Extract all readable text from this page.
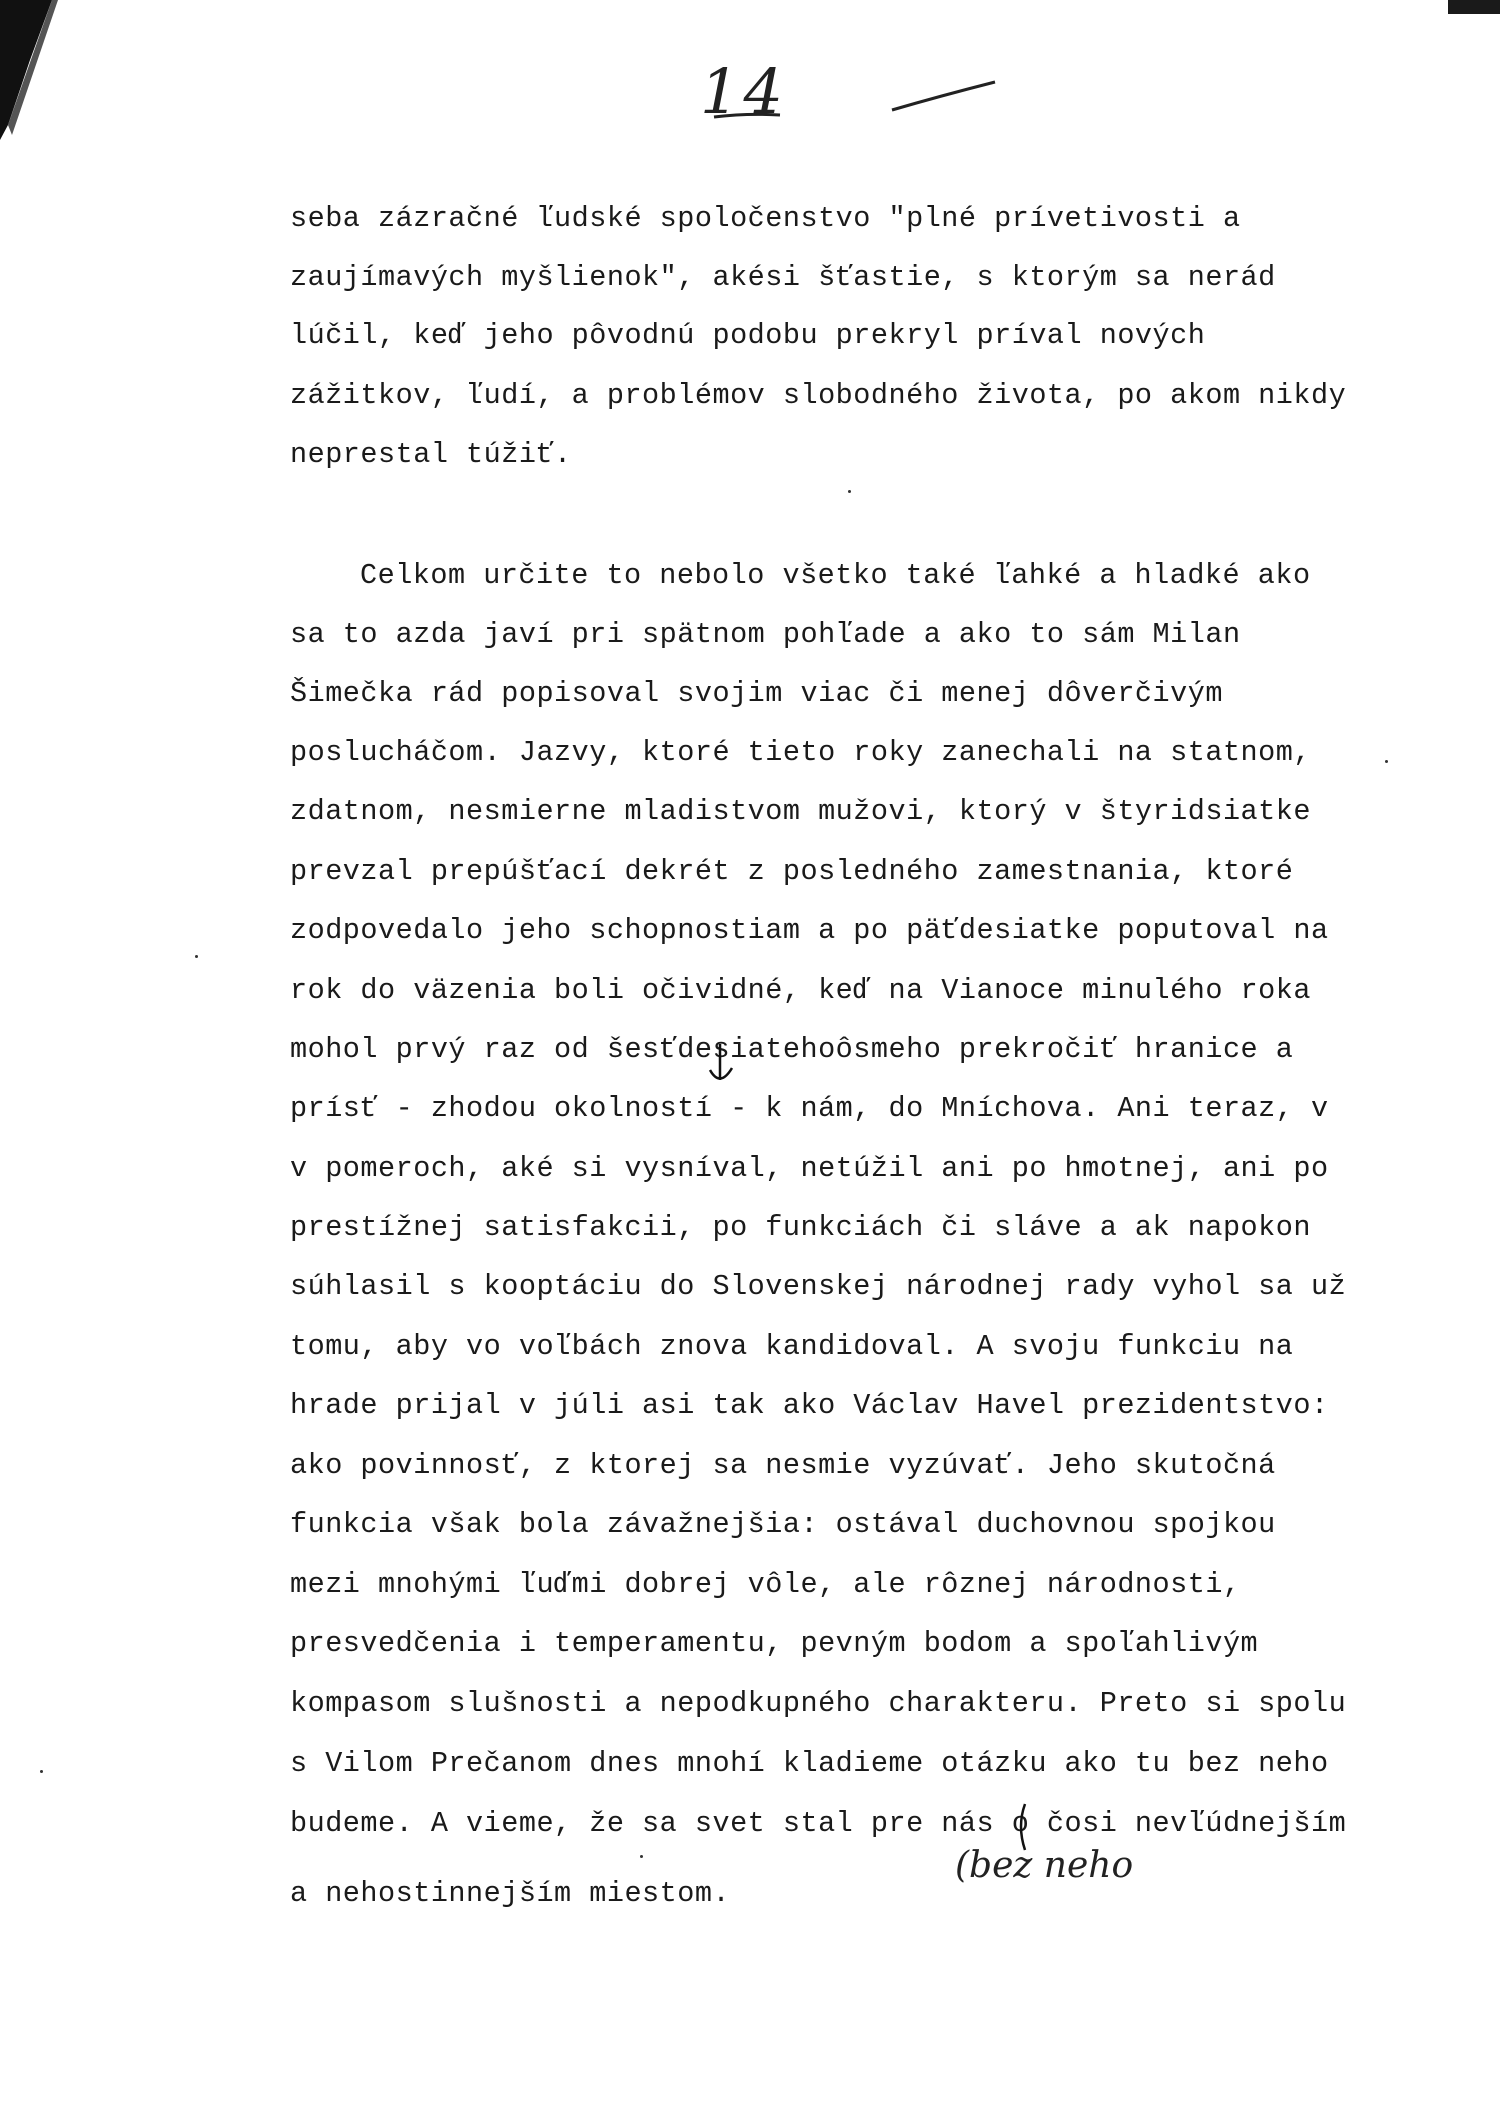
14
seba zázračné ľudské spoločenstvo "plné prívetivosti a
zaujímavých myšlienok", akési šťastie, s ktorým sa nerád
lúčil, keď jeho pôvodnú podobu prekryl príval nových
zážitkov, ľudí, a problémov slobodného života, po akom nikdy
neprestal túžiť.
Celkom určite to nebolo všetko také ľahké a hladké ako
sa to azda javí pri spätnom pohľade a ako to sám Milan
Šimečka rád popisoval svojim viac či menej dôverčivým
poslucháčom. Jazvy, ktoré tieto roky zanechali na statnom,
zdatnom, nesmierne mladistvom mužovi, ktorý v štyridsiatke
prevzal prepúšťací dekrét z posledného zamestnania, ktoré
zodpovedalo jeho schopnostiam a po päťdesiatke poputoval na
rok do väzenia boli očividné, keď na Vianoce minulého roka
mohol prvý raz od šesťdesiatehoôsmeho prekročiť hranice a
prísť - zhodou okolností - k nám, do Mníchova. Ani teraz, v
v pomeroch, aké si vysníval, netúžil ani po hmotnej, ani po
prestížnej satisfakcii, po funkciách či sláve a ak napokon
súhlasil s kooptáciu do Slovenskej národnej rady vyhol sa už
tomu, aby vo voľbách znova kandidoval. A svoju funkciu na
hrade prijal v júli asi tak ako Václav Havel prezidentstvo:
ako povinnosť, z ktorej sa nesmie vyzúvať. Jeho skutočná
funkcia však bola závažnejšia: ostával duchovnou spojkou
mezi mnohými ľuďmi dobrej vôle, ale rôznej národnosti,
presvedčenia i temperamentu, pevným bodom a spoľahlivým
kompasom slušnosti a nepodkupného charakteru. Preto si spolu
s Vilom Prečanom dnes mnohí kladieme otázku ako tu bez neho
budeme. A vieme, že sa svet stal pre nás o čosi nevľúdnejším
a nehostinnejším miestom.
(bez neho
